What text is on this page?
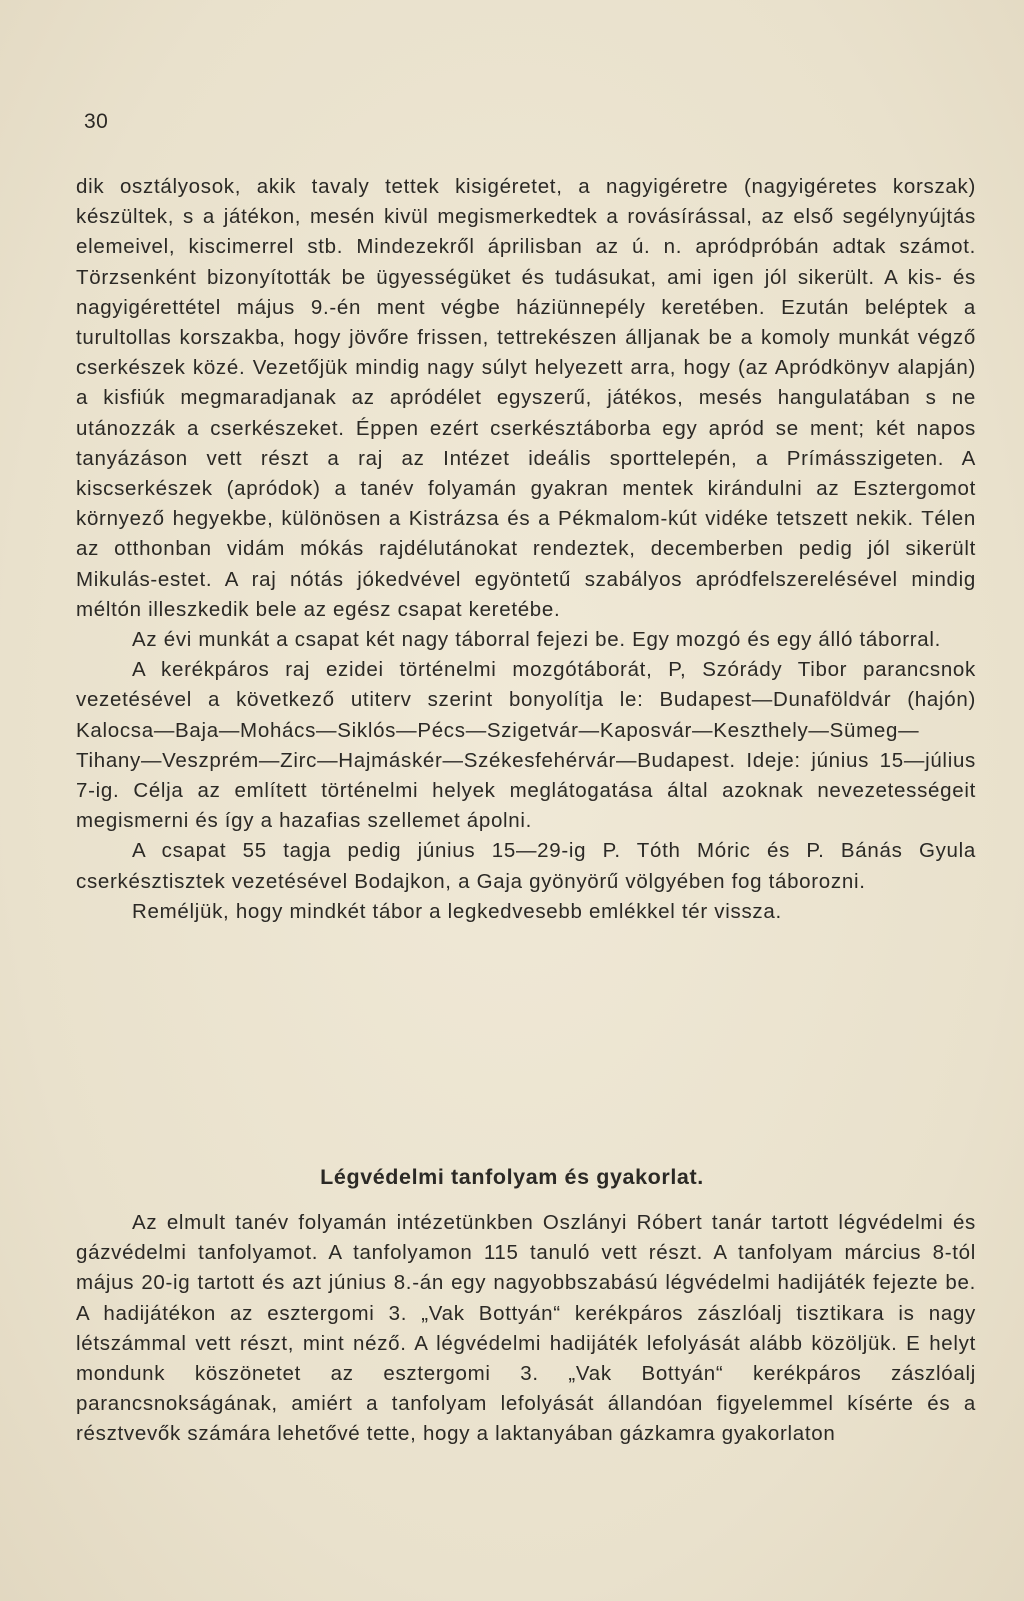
30

dik osztályosok, akik tavaly tettek kisigéretet, a nagyigéretre (nagyigéretes korszak) készültek, s a játékon, mesén kivül megismerkedtek a rovásírással, az első segélynyújtás elemeivel, kiscimerrel stb. Mindezekről áprilisban az ú. n. apródpróbán adtak számot. Törzsenként bizonyították be ügyességüket és tudásukat, ami igen jól sikerült. A kis- és nagyigérettétel május 9.-én ment végbe háziünnepély keretében. Ezután beléptek a turultollas korszakba, hogy jövőre frissen, tettrekészen álljanak be a komoly munkát végző cserkészek közé. Vezetőjük mindig nagy súlyt helyezett arra, hogy (az Apródkönyv alapján) a kisfiúk megmaradjanak az apródélet egyszerű, játékos, mesés hangulatában s ne utánozzák a cserkészeket. Éppen ezért cserkésztáborba egy apród se ment; két napos tanyázáson vett részt a raj az Intézet ideális sporttelepén, a Prímásszigeten. A kiscserkészek (apródok) a tanév folyamán gyakran mentek kirándulni az Esztergomot környező hegyekbe, különösen a Kistrázsa és a Pékmalom-kút vidéke tetszett nekik. Télen az otthonban vidám mókás rajdélutánokat rendeztek, decemberben pedig jól sikerült Mikulás-estet. A raj nótás jókedvével egyöntetű szabályos apródfelszerelésével mindig méltón illeszkedik bele az egész csapat keretébe.

Az évi munkát a csapat két nagy táborral fejezi be. Egy mozgó és egy álló táborral.

A kerékpáros raj ezidei történelmi mozgótáborát, P, Szórády Tibor parancsnok vezetésével a következő utiterv szerint bonyolítja le: Budapest—Dunaföldvár (hajón) Kalocsa—Baja—Mohács—Siklós—Pécs—Szigetvár—Kaposvár—Keszthely—Sümeg—Tihany—Veszprém—Zirc—Hajmáskér—Székesfehérvár—Budapest. Ideje: június 15—július 7-ig. Célja az említett történelmi helyek meglátogatása által azoknak nevezetességeit megismerni és így a hazafias szellemet ápolni.

A csapat 55 tagja pedig június 15—29-ig P. Tóth Móric és P. Bánás Gyula cserkésztisztek vezetésével Bodajkon, a Gaja gyönyörű völgyében fog táborozni.

Reméljük, hogy mindkét tábor a legkedvesebb emlékkel tér vissza.

Légvédelmi tanfolyam és gyakorlat.

Az elmult tanév folyamán intézetünkben Oszlányi Róbert tanár tartott légvédelmi és gázvédelmi tanfolyamot. A tanfolyamon 115 tanuló vett részt. A tanfolyam március 8-tól május 20-ig tartott és azt június 8.-án egy nagyobbszabású légvédelmi hadijáték fejezte be. A hadijátékon az esztergomi 3. „Vak Bottyán“ kerékpáros zászlóalj tisztikara is nagy létszámmal vett részt, mint néző. A légvédelmi hadijáték lefolyását alább közöljük. E helyt mondunk köszönetet az esztergomi 3. „Vak Bottyán“ kerékpáros zászlóalj parancsnokságának, amiért a tanfolyam lefolyását állandóan figyelemmel kísérte és a résztvevők számára lehetővé tette, hogy a laktanyában gázkamra gyakorlaton
